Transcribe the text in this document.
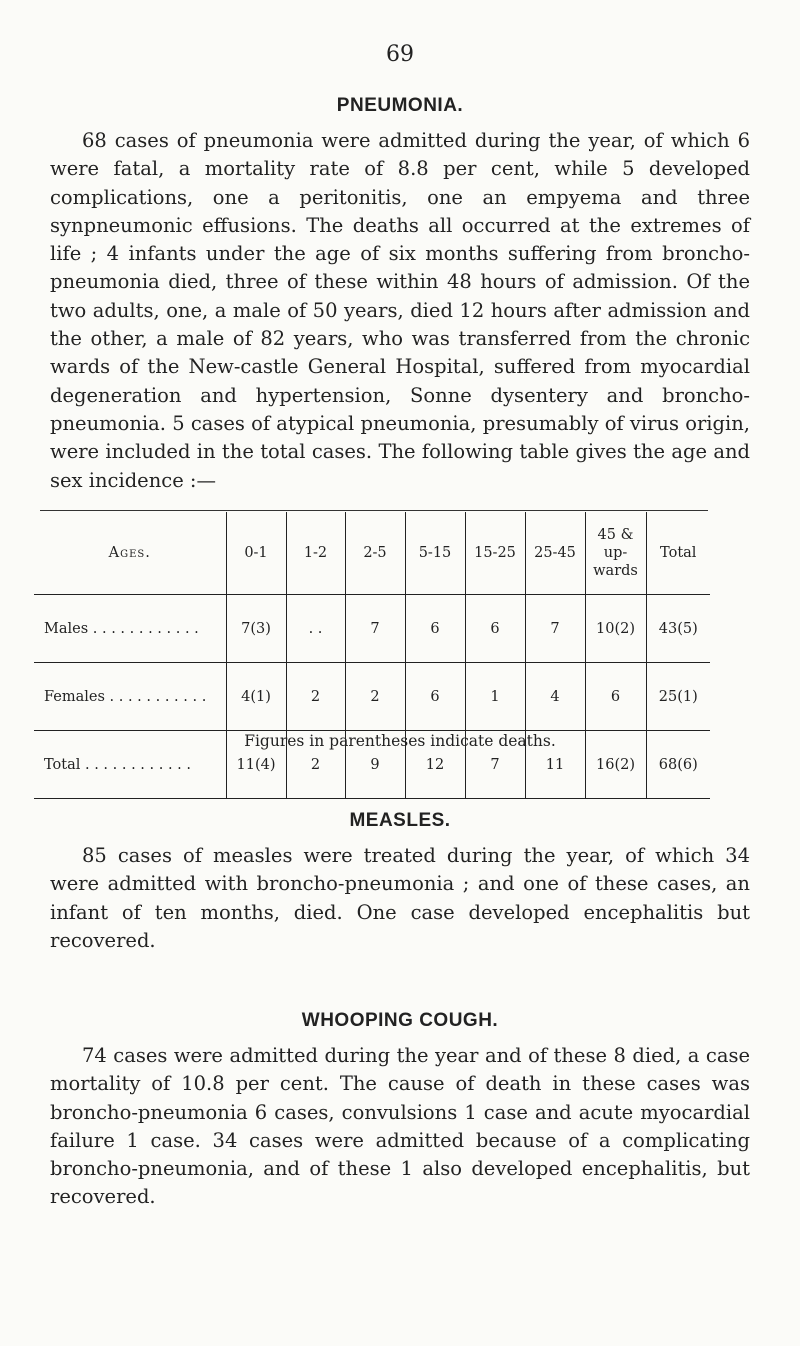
69
PNEUMONIA.

68 cases of pneumonia were admitted during the year, of which 6 were fatal, a mortality rate of 8.8 per cent, while 5 developed complications, one a peritonitis, one an empyema and three synpneumonic effusions. The deaths all occurred at the extremes of life ; 4 infants under the age of six months suffering from broncho-pneumonia died, three of these within 48 hours of admission. Of the two adults, one, a male of 50 years, died 12 hours after admission and the other, a male of 82 years, who was transferred from the chronic wards of the New-castle General Hospital, suffered from myocardial degeneration and hypertension, Sonne dysentery and broncho-pneumonia. 5 cases of atypical pneumonia, presumably of virus origin, were included in the total cases. The following table gives the age and sex incidence :—

Ages.	0-1	1-2	2-5	5-15	15-25	25-45	45 & up-wards	Total
Males . . . . . . . . . . . .	7(3)	. .	7	6	6	7	10(2)	43(5)
Females . . . . . . . . . . .	4(1)	2	2	6	1	4	6	25(1)
Total . . . . . . . . . . . .	11(4)	2	9	12	7	11	16(2)	68(6)
Figures in parentheses indicate deaths.
MEASLES.

85 cases of measles were treated during the year, of which 34 were admitted with broncho-pneumonia ; and one of these cases, an infant of ten months, died. One case developed encephalitis but recovered.

WHOOPING COUGH.

74 cases were admitted during the year and of these 8 died, a case mortality of 10.8 per cent. The cause of death in these cases was broncho-pneumonia 6 cases, convulsions 1 case and acute myocardial failure 1 case. 34 cases were admitted because of a complicating broncho-pneumonia, and of these 1 also developed encephalitis, but recovered.
